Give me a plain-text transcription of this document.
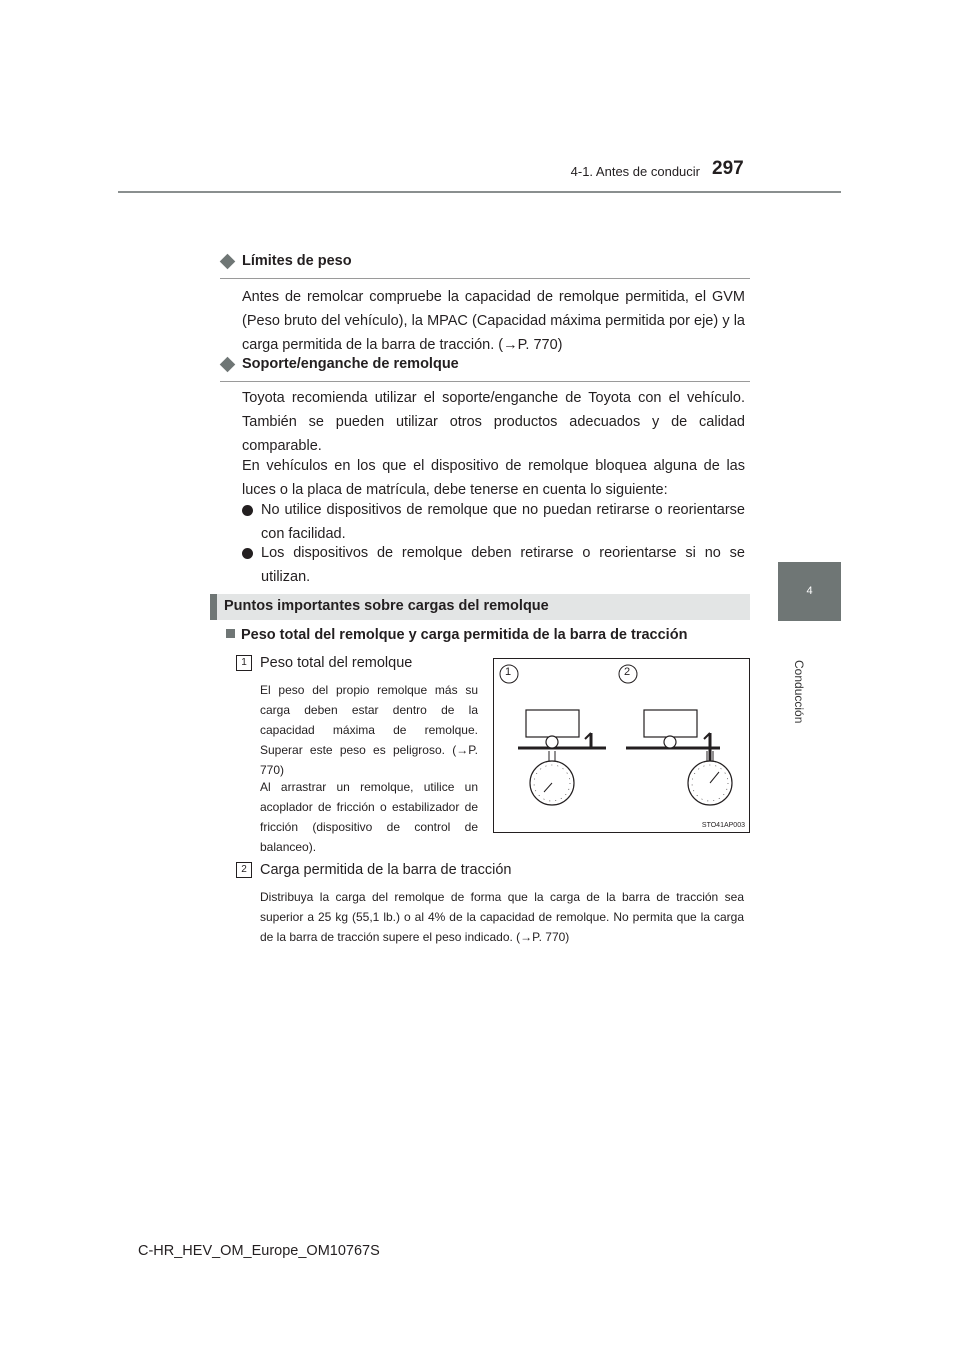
4-1. Antes de conducir 297
4
Conducción
Límites de peso
Antes de remolcar compruebe la capacidad de remolque permitida, el GVM (Peso bruto del vehículo), la MPAC (Capacidad máxima permitida por eje) y la carga permitida de la barra de tracción. (→P. 770)
Soporte/enganche de remolque
Toyota recomienda utilizar el soporte/enganche de Toyota con el vehículo. También se pueden utilizar otros productos adecuados y de calidad comparable.
En vehículos en los que el dispositivo de remolque bloquea alguna de las luces o la placa de matrícula, debe tenerse en cuenta lo siguiente:
No utilice dispositivos de remolque que no puedan retirarse o reorientarse con facilidad.
Los dispositivos de remolque deben retirarse o reorientarse si no se utilizan.
Puntos importantes sobre cargas del remolque
Peso total del remolque y carga permitida de la barra de tracción
1 Peso total del remolque
El peso del propio remolque más su carga deben estar dentro de la capacidad máxima de remolque. Superar este peso es peligroso. (→P. 770)
Al arrastrar un remolque, utilice un acoplador de fricción o estabilizador de fricción (dispositivo de control de balanceo).
1	2
STO41AP003
2 Carga permitida de la barra de tracción
Distribuya la carga del remolque de forma que la carga de la barra de tracción sea superior a 25 kg (55,1 lb.) o al 4% de la capacidad de remolque. No permita que la carga de la barra de tracción supere el peso indicado. (→P. 770)
C-HR_HEV_OM_Europe_OM10767S
